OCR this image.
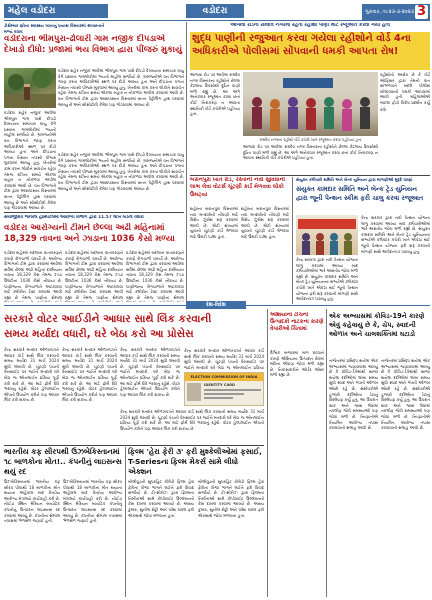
મહેલ વડોદરા	વડોદરા	ગુરુવાર, તા.૨૩-૩-૨૦૨૩ 3
ડીસેમ્બર સ્ત્રીના સ્વાસ્થ્ય ખાતાનું પ્રયાસ વિસ્તારમાં સ્વચ્છતાને મળ્યું વધાવ
વડોદરાના ભીમપુરા-ઢોલારી ગામ નજીક દીપડાએ દેખાડો દીધો: પ્રજામાં ભય વિભાગ દ્વારા પીંજરું મુકાયું
વડોદરા શહેર નજીક આવેલા ભીમપુરા ગામ પાસે દીપડો દેખાયાના સમાચાર વાયુ વેગે પ્રસરતા ગામલોકોમાં ભયનો માહોલ સર્જાયો છે. ગ્રામજનોએ વન વિભાગને જાણ કરતા અધિકારીઓ સ્થળ પર દોડી આવ્યા હતા અને દીપડાના પગના નિશાન તપાસી પીંજરું મુકવામાં આવ્યું હતું. ખેતરોમાં કામ કરતા લોકોને સાવચેત રહેવા તેમજ રાત્રિના સમયે એકલા બહાર ન નીકળવા અપીલ કરવામાં આવી છે. વન વિભાગની ટીમ દ્વારા આસપાસના વિસ્તારમાં સતત પેટ્રોલિંગ હાથ ધરવામાં આવ્યું છે અને સીસીટીવી કેમેરા પણ ગોઠવવામાં આવ્યા છે.
વડોદરા શહેર નજીક આવેલા ભીમપુરા ગામ પાસે દીપડો દેખાયાના સમાચાર વાયુ વેગે પ્રસરતા ગામલોકોમાં ભયનો માહોલ સર્જાયો છે. ગ્રામજનોએ વન વિભાગને જાણ કરતા અધિકારીઓ સ્થળ પર દોડી આવ્યા હતા અને દીપડાના પગના નિશાન તપાસી પીંજરું મુકવામાં આવ્યું હતું. ખેતરોમાં કામ કરતા લોકોને સાવચેત રહેવા તેમજ રાત્રિના સમયે એકલા બહાર ન નીકળવા અપીલ કરવામાં આવી છે. વન વિભાગની ટીમ દ્વારા આસપાસના વિસ્તારમાં સતત પેટ્રોલિંગ હાથ ધરવામાં આવ્યું છે અને સીસીટીવી કેમેરા પણ ગોઠવવામાં આવ્યા છે.
વડોદરા શહેર નજીક આવેલા ભીમપુરા ગામ પાસે દીપડો દેખાયાના સમાચાર વાયુ વેગે પ્રસરતા ગામલોકોમાં ભયનો માહોલ સર્જાયો છે. ગ્રામજનોએ વન વિભાગને જાણ કરતા અધિકારીઓ સ્થળ પર દોડી આવ્યા હતા અને દીપડાના પગના નિશાન તપાસી પીંજરું મુકવામાં આવ્યું હતું. ખેતરોમાં કામ કરતા લોકોને સાવચેત રહેવા તેમજ રાત્રિના સમયે એકલા બહાર ન નીકળવા અપીલ કરવામાં આવી છે. વન વિભાગની ટીમ દ્વારા આસપાસના વિસ્તારમાં સતત પેટ્રોલિંગ હાથ ધરવામાં આવ્યું છે અને સીસીટીવી કેમેરા પણ ગોઠવવામાં આવ્યા છે.
સયાજીરાવ જનરલ હોસ્પિટલમાં આરોગ્ય વિભાગ દ્વારા 11.57 લાખ બેડનો વધારો
વડોદરા આરોગ્યની ટીમને છેલ્લા અઢી મહિનામાં 18,329 તાવના અને ઝાડાના 1036 કેસો મળ્યા
વડોદરા શહેરમાં બદલાતા વાતાવરણને કારણે રોગચાળો વકર્યો છે. આરોગ્ય વિભાગની ટીમ દ્વારા કરવામાં આવેલા સર્વેમાં છેલ્લા અઢી મહિના દરમિયાન તાવના 18,329 કેસ તેમજ ઝાડા ઉલટીના 1036 કેસો નોંધાયા છે. પાણીજન્ય રોગચાળાને અટકાવવા માટે ક્લોરીન ટેસ્ટ કરવામાં આવી રહ્યા છે તેમજ પાણીના સેમ્પલ
વડોદરા શહેરમાં બદલાતા વાતાવરણને કારણે રોગચાળો વકર્યો છે. આરોગ્ય વિભાગની ટીમ દ્વારા કરવામાં આવેલા સર્વેમાં છેલ્લા અઢી મહિના દરમિયાન તાવના 18,329 કેસ તેમજ ઝાડા ઉલટીના 1036 કેસો નોંધાયા છે. પાણીજન્ય રોગચાળાને અટકાવવા માટે ક્લોરીન ટેસ્ટ કરવામાં આવી રહ્યા છે તેમજ પાણીના સેમ્પલ
વડોદરા શહેરમાં બદલાતા વાતાવરણને કારણે રોગચાળો વકર્યો છે. આરોગ્ય વિભાગની ટીમ દ્વારા કરવામાં આવેલા સર્વેમાં છેલ્લા અઢી મહિના દરમિયાન તાવના 18,329 કેસ તેમજ ઝાડા ઉલટીના 1036 કેસો નોંધાયા છે. પાણીજન્ય રોગચાળાને અટકાવવા માટે ક્લોરીન ટેસ્ટ કરવામાં આવી રહ્યા છે તેમજ પાણીના સેમ્પલ
આજવા રોડના રામદેવ નગરમાં રહેતા રહીશો પાણી માટે રજૂઆત કરવા ગયા હતા
શુદ્ધ પાણીની રજુઆત કરવા ગયેલા રહીશોને વોર્ડ 4ના અધિકારીએ પોલીસમાં સોંપવાની ધમકી આપતા રોષ!
આજવા રોડ પર આવેલા રામદેવ નગર વિસ્તારના રહીશોને છેલ્લા કેટલાય દિવસોથી દૂષિત પાણી મળી રહ્યું છે. આ અંગે અનેકવાર રજૂઆત કરવા છતાં કોઈ નિરાકરણ ન આવતા સ્થાનિકો વોર્ડ કચેરીએ પહોંચ્યા હતા.
રહીશોનો આક્ષેપ છે કે વોર્ડ ઓફિસર દ્વારા તેમની વાત સાંભળવાને બદલે પોલીસ બોલાવવાની ધમકી આપવામાં આવી હતી. મહિલાઓએ માટલા ફોડી વિરોધ પ્રદર્શન કર્યું હતું.
રામદેવ નગરના રહીશો વોર્ડ કચેરી ખાતે રજૂઆત કરવા પહોંચ્યા હતા
આજવા રોડ પર આવેલા રામદેવ નગર વિસ્તારના રહીશોને છેલ્લા કેટલાય દિવસોથી દૂષિત પાણી મળી રહ્યું છે. આ અંગે અનેકવાર રજૂઆત કરવા છતાં કોઈ નિરાકરણ ન આવતા સ્થાનિકો વોર્ડ કચેરીએ પહોંચ્યા હતા.
બરાનપુરા ખાતે રોડ, રસ્તાની નવી સુવિધાનો લાભ લેવા વોટર્સ ચૂંટણી કાર્ડ મેળવવા લોકો ઉમટ્યા
શહેરના બરાનપુરા વિસ્તારમાં નવા મતદારોની નોંધણી માટે વિશેષ ઝુંબેશ શરૂ કરવામાં આવી છે. મોટી સંખ્યામાં યુવાનો ચૂંટણી કાર્ડ મેળવવા માટે ઉમટી પડ્યા હતા.
શહેરના બરાનપુરા વિસ્તારમાં નવા મતદારોની નોંધણી માટે વિશેષ ઝુંબેશ શરૂ કરવામાં આવી છે. મોટી સંખ્યામાં યુવાનો ચૂંટણી કાર્ડ મેળવવા માટે ઉમટી પડ્યા હતા.
સંયુક્ત કર્મચારી સમિતિ અને બેન્ક યુનિયન દ્વારા માગણીઓ મુદ્દે ધરણાં
સંયુક્ત કામદાર સમિતિ અને બેન્ક ટ્રેડ યુનિયન દ્વારા જૂની પેન્શન સ્કીમ ફરી ચાલુ કરવા રજૂઆત
કેન્દ્ર સરકાર દ્વારા નવી પેન્શન યોજના લાગુ કરવામાં આવ્યા બાદ કર્મચારીઓમાં ભારે અસંતોષ જોવા મળી રહ્યો છે. સંયુક્ત કામદાર સમિતિ અને બેન્ક ટ્રેડ યુનિયનના સભ્યોએ કલેક્ટર કચેરી ખાતે એકઠા થઈ જૂની પેન્શન યોજના ફરી શરૂ કરવાની માગણી સાથે આવેદનપત્ર પાઠવ્યું હતું.
કેન્દ્ર સરકાર દ્વારા નવી પેન્શન યોજના લાગુ કરવામાં આવ્યા બાદ કર્મચારીઓમાં ભારે અસંતોષ જોવા મળી રહ્યો છે. સંયુક્ત કામદાર સમિતિ અને બેન્ક ટ્રેડ યુનિયનના સભ્યોએ કલેક્ટર કચેરી ખાતે એકઠા થઈ જૂની પેન્શન યોજના ફરી શરૂ કરવાની માગણી સાથે આવેદનપત્ર પાઠવ્યું હતું.
દેશ-વિદેશ
સરકારે વોટર આઈડીને આધાર સાથે લિંક કરવાની
સમય મર્યાદા વધારી, ઘરે બેઠા કરો આ પ્રોસેસ
કેન્દ્ર સરકારે મતદાર ઓળખપત્રને આધાર કાર્ડ સાથે લિંક કરવાની સમય મર્યાદા 31 માર્ચ 2024 સુધી લંબાવી છે. ચૂંટણી પંચની વેબસાઈટ પર જઈને મતદારો ઘરે બેઠા જ ઓનલાઈન પ્રક્રિયા પૂર્ણ કરી શકે છે. આ માટે ફોર્મ 6B ભરવાનું રહેશે. વોટર હેલ્પલાઈન એપનો ઉપયોગ કરીને પણ આધાર લિંક કરી શકાય છે.
કેન્દ્ર સરકારે મતદાર ઓળખપત્રને આધાર કાર્ડ સાથે લિંક કરવાની સમય મર્યાદા 31 માર્ચ 2024 સુધી લંબાવી છે. ચૂંટણી પંચની વેબસાઈટ પર જઈને મતદારો ઘરે બેઠા જ ઓનલાઈન પ્રક્રિયા પૂર્ણ કરી શકે છે. આ માટે ફોર્મ 6B ભરવાનું રહેશે. વોટર હેલ્પલાઈન એપનો ઉપયોગ કરીને પણ આધાર લિંક કરી શકાય છે.
કેન્દ્ર સરકારે મતદાર ઓળખપત્રને આધાર કાર્ડ સાથે લિંક કરવાની સમય મર્યાદા 31 માર્ચ 2024 સુધી લંબાવી છે. ચૂંટણી પંચની વેબસાઈટ પર જઈને મતદારો ઘરે બેઠા જ ઓનલાઈન પ્રક્રિયા પૂર્ણ કરી શકે છે. આ માટે ફોર્મ 6B ભરવાનું રહેશે. વોટર હેલ્પલાઈન એપનો ઉપયોગ કરીને પણ આધાર લિંક કરી શકાય છે.
ELECTION COMMISSION OF INDIA
IDENTITY CARD
કેન્દ્ર સરકારે મતદાર ઓળખપત્રને આધાર કાર્ડ સાથે લિંક કરવાની સમય મર્યાદા 31 માર્ચ 2024 સુધી લંબાવી છે. ચૂંટણી પંચની વેબસાઈટ પર જઈને મતદારો ઘરે બેઠા જ ઓનલાઈન પ્રક્રિયા
કેન્દ્ર સરકારે મતદાર ઓળખપત્રને આધાર કાર્ડ સાથે લિંક કરવાની સમય મર્યાદા 31 માર્ચ 2024 સુધી લંબાવી છે. ચૂંટણી પંચની વેબસાઈટ પર જઈને મતદારો ઘરે બેઠા જ ઓનલાઈન પ્રક્રિયા પૂર્ણ કરી શકે છે. આ માટે ફોર્મ 6B ભરવાનું રહેશે. વોટર હેલ્પલાઈન એપનો ઉપયોગ કરીને પણ આધાર લિંક કરી શકાય છે.
ભારતીય કફ સીરપથી ઉઝબેકિસ્તાનમાં ૧૮ બાળકોના મોત!.. કંપનીનું લાઇસન્સ થયું રદ
ઉઝબેકિસ્તાનમાં ભારતીય કફ સીરપ પીવાથી 18 બાળકોના મોત થયાના અહેવાલ બાદ કેન્દ્રીય આરોગ્ય મંત્રાલયે કાર્યવાહી કરી છે. નોઈડા સ્થિત મેરિયન બાયોટેક કંપનીનું ઉત્પાદન લાઇસન્સ રદ કરવામાં આવ્યું છે. કંપનીના સેમ્પલ તપાસમાં ભેળસેળ જણાઈ હતી.
ઉઝબેકિસ્તાનમાં ભારતીય કફ સીરપ પીવાથી 18 બાળકોના મોત થયાના અહેવાલ બાદ કેન્દ્રીય આરોગ્ય મંત્રાલયે કાર્યવાહી કરી છે. નોઈડા સ્થિત મેરિયન બાયોટેક કંપનીનું ઉત્પાદન લાઇસન્સ રદ કરવામાં આવ્યું છે. કંપનીના સેમ્પલ તપાસમાં ભેળસેળ જણાઈ હતી.
ફિલ્મ 'હેરા ફેરી ૩' ફરી મુશ્કેલીઓમાં ફસાઈ, T-Seriesના ફિલ્મ મેકર્સ સામે લીધો એક્શન
બોલીવુડની સુપરહિટ કોમેડી ફિલ્મ હેરા ફેરીના ત્રીજા ભાગને લઈને ફરી વિવાદ સર્જાયો છે. ટી-સીરીઝ દ્વારા ફિલ્મના નિર્માતાઓ સામે કોપીરાઈટ ઉલ્લંઘનનો કેસ દાખલ કરવામાં આવ્યો છે. અક્ષય કુમાર, સુનીલ શેટ્ટી અને પરેશ રાવલ ફરી એકસાથે જોવા મળવાના હતા.
બોલીવુડની સુપરહિટ કોમેડી ફિલ્મ હેરા ફેરીના ત્રીજા ભાગને લઈને ફરી વિવાદ સર્જાયો છે. ટી-સીરીઝ દ્વારા ફિલ્મના નિર્માતાઓ સામે કોપીરાઈટ ઉલ્લંઘનનો કેસ દાખલ કરવામાં આવ્યો છે. અક્ષય કુમાર, સુનીલ શેટ્ટી અને પરેશ રાવલ ફરી એકસાથે જોવા મળવાના હતા.
એશિયાના ટોચના ઉત્પાદકો નાટકના કારણે વેપારીઓ ચિંતામાં
વૈશ્વિક બજારમાં માગ ઘટવાને કારણે એશિયાના ઉત્પાદન ક્ષેત્રમાં મંદીના એંધાણ જોવા મળી રહ્યા છે. નિકાસકારોને ઓર્ડર ઓછા મળી રહ્યા છે.
એક અભ્યાસમાં કોવિડ-19ને કારણે એવું કહેવાયું છે કે, ચેપ, સ્વાદની ઓળખ અને ચાલશક્તિમાં ઘટાડો
તાજેતરમાં પ્રસિદ્ધ થયેલા એક અભ્યાસમાં જણાવવામાં આવ્યું છે કે કોવિડ-19માંથી સાજા થયેલા દર્દીઓમાં લાંબા સમય સુધી સ્વાદ અને ગંધની ઓળખ ઓછી રહે છે. સંશોધકોએ હજારો દર્દીઓના ડેટાનું વિશ્લેષણ કર્યું હતું. આ ઉપરાંત થાક અને શ્વાસ લેવામાં તકલીફ જેવી સમસ્યાઓ પણ જોવા મળી છે. નિષ્ણાતોએ નિયમિત આરોગ્ય તપાસ કરાવવાની સલાહ આપી છે.
તાજેતરમાં પ્રસિદ્ધ થયેલા એક અભ્યાસમાં જણાવવામાં આવ્યું છે કે કોવિડ-19માંથી સાજા થયેલા દર્દીઓમાં લાંબા સમય સુધી સ્વાદ અને ગંધની ઓળખ ઓછી રહે છે. સંશોધકોએ હજારો દર્દીઓના ડેટાનું વિશ્લેષણ કર્યું હતું. આ ઉપરાંત થાક અને શ્વાસ લેવામાં તકલીફ જેવી સમસ્યાઓ પણ જોવા મળી છે. નિષ્ણાતોએ નિયમિત આરોગ્ય તપાસ કરાવવાની સલાહ આપી છે.
